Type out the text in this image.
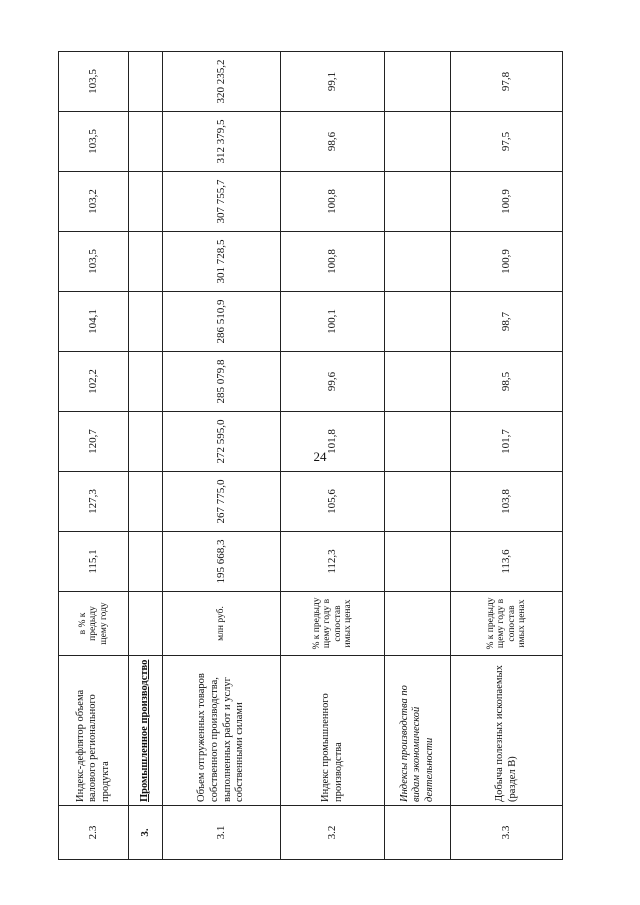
24
2.3	Индекс-дефлятор объема валового регионального продукта	в % к предыду щему году	115,1	127,3	120,7	102,2	104,1	103,5	103,2	103,5	103,5
3.	Промышленное производство										
3.1	Объем отгруженных товаров собственного производства, выполненных работ и услуг собственными силами	млн руб.	195 668,3	267 775,0	272 595,0	285 079,8	286 510,9	301 728,5	307 755,7	312 379,5	320 235,2
3.2	Индекс промышленного производства	% к предыду щему году в сопостав имых ценах	112,3	105,6	101,8	99,6	100,1	100,8	100,8	98,6	99,1
	Индексы производства по видам экономической деятельности										
3.3	Добыча полезных ископаемых (раздел В)	% к предыду щему году в сопостав имых ценах	113,6	103,8	101,7	98,5	98,7	100,9	100,9	97,5	97,8
